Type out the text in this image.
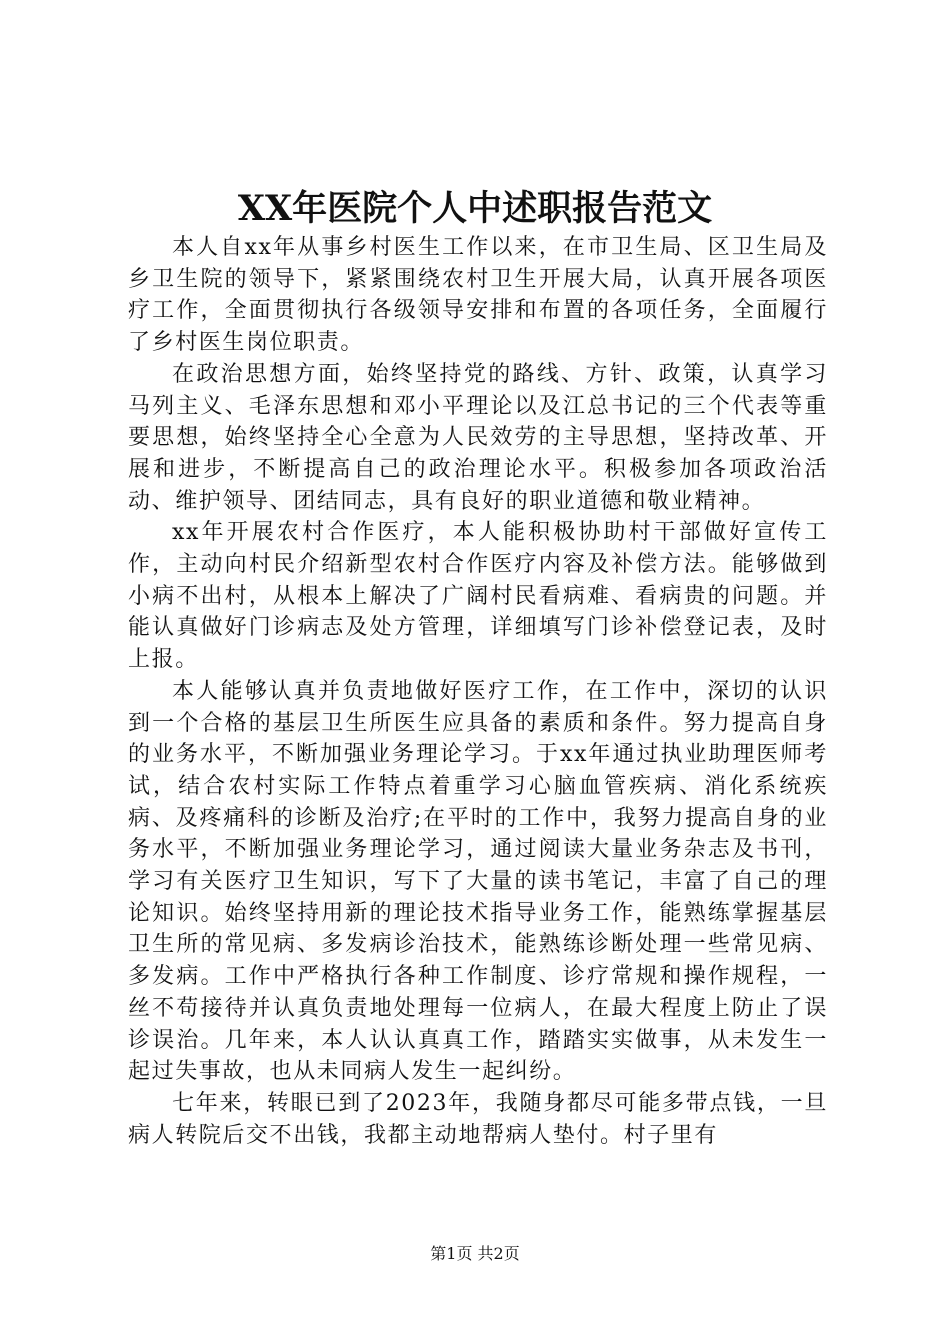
XX年医院个人中述职报告范文

本人自xx年从事乡村医生工作以来，在市卫生局、区卫生局及乡卫生院的领导下，紧紧围绕农村卫生开展大局，认真开展各项医疗工作，全面贯彻执行各级领导安排和布置的各项任务，全面履行了乡村医生岗位职责。

在政治思想方面，始终坚持党的路线、方针、政策，认真学习马列主义、毛泽东思想和邓小平理论以及江总书记的三个代表等重要思想，始终坚持全心全意为人民效劳的主导思想，坚持改革、开展和进步，不断提高自己的政治理论水平。积极参加各项政治活动、维护领导、团结同志，具有良好的职业道德和敬业精神。

xx年开展农村合作医疗，本人能积极协助村干部做好宣传工作，主动向村民介绍新型农村合作医疗内容及补偿方法。能够做到小病不出村，从根本上解决了广阔村民看病难、看病贵的问题。并能认真做好门诊病志及处方管理，详细填写门诊补偿登记表，及时上报。

本人能够认真并负责地做好医疗工作，在工作中，深切的认识到一个合格的基层卫生所医生应具备的素质和条件。努力提高自身的业务水平，不断加强业务理论学习。于xx年通过执业助理医师考试，结合农村实际工作特点着重学习心脑血管疾病、消化系统疾病、及疼痛科的诊断及治疗;在平时的工作中，我努力提高自身的业务水平，不断加强业务理论学习，通过阅读大量业务杂志及书刊，学习有关医疗卫生知识，写下了大量的读书笔记，丰富了自己的理论知识。始终坚持用新的理论技术指导业务工作，能熟练掌握基层卫生所的常见病、多发病诊治技术，能熟练诊断处理一些常见病、多发病。工作中严格执行各种工作制度、诊疗常规和操作规程，一丝不苟接待并认真负责地处理每一位病人，在最大程度上防止了误诊误治。几年来，本人认认真真工作，踏踏实实做事，从未发生一起过失事故，也从未同病人发生一起纠纷。

七年来，转眼已到了2023年，我随身都尽可能多带点钱，一旦病人转院后交不出钱，我都主动地帮病人垫付。村子里有

第1页 共2页
